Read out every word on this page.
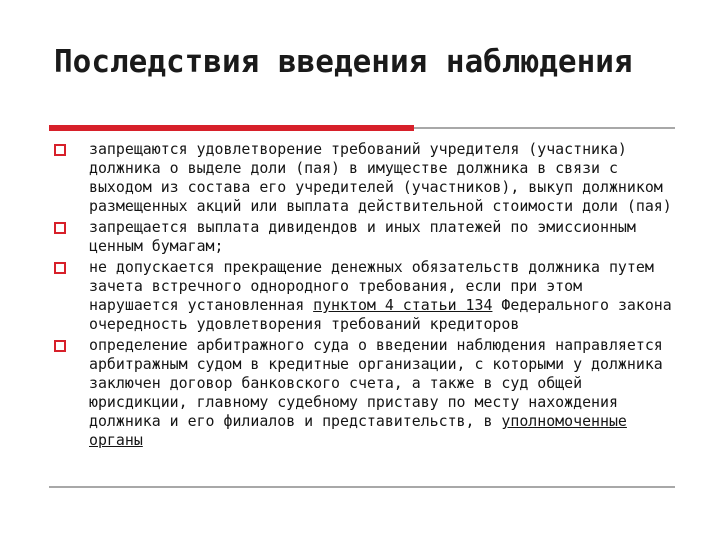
Последствия введения наблюдения
запрещаются удовлетворение требований учредителя (участника) должника о выделе доли (пая) в имуществе должника в связи с выходом из состава его учредителей (участников), выкуп должником размещенных акций или выплата действительной стоимости доли (пая)
запрещается выплата дивидендов и иных платежей по эмиссионным ценным бумагам;
не допускается прекращение денежных обязательств должника путем зачета встречного однородного требования, если при этом нарушается установленная пунктом 4 статьи 134 Федерального закона очередность удовлетворения требований кредиторов
определение арбитражного суда о введении наблюдения направляется арбитражным судом в кредитные организации, с которыми у должника заключен договор банковского счета, а также в суд общей юрисдикции, главному судебному приставу по месту нахождения должника и его филиалов и представительств, в уполномоченные органы
